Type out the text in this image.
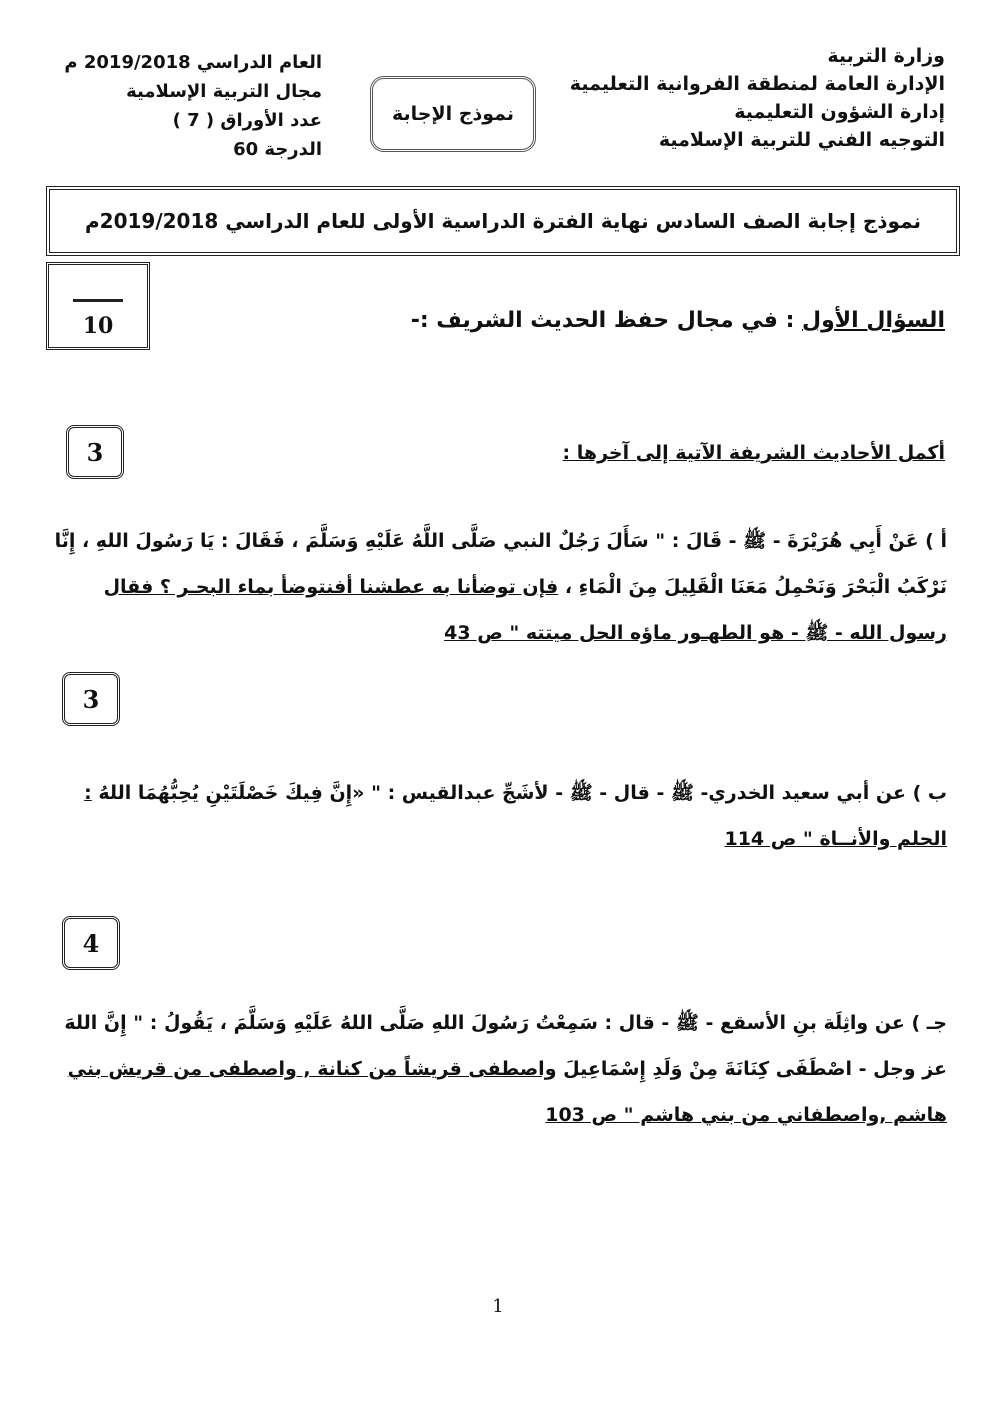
وزارة التربية
الإدارة العامة لمنطقة الفروانية التعليمية
إدارة الشؤون التعليمية
التوجيه الفني للتربية الإسلامية
نموذج الإجابة
العام الدراسي 2019/2018 م
مجال التربية الإسلامية
عدد الأوراق ( 7 )
الدرجة 60
نموذج إجابة الصف السادس نهاية الفترة الدراسية الأولى للعام الدراسي 2019/2018م
10	السؤال الأول : في مجال حفظ الحديث الشريف :-
3	أكمل الأحاديث الشريفة الآتية إلى آخرها :
أ ) عَنْ أَبِي هُرَيْرَةَ - ﷺ - قَالَ : " سَأَلَ رَجُلٌ النبي صَلَّى اللَّهُ عَلَيْهِ وَسَلَّمَ ، فَقَالَ : يَا رَسُولَ اللهِ ، إِنَّا نَرْكَبُ الْبَحْرَ وَنَحْمِلُ مَعَنَا الْقَلِيلَ مِنَ الْمَاءِ ، فإن توضأنا به عطشنا أفنتوضأ بماء البحـر ؟ فقال رسول الله - ﷺ - هو الطهـور ماؤه الحل ميتته " ص 43
3
ب ) عن أبي سعيد الخدري- ﷺ - قال - ﷺ - لأشَجِّ عبدالقيس : " «إِنَّ فِيكَ خَصْلَتَيْنِ يُحِبُّهُمَا اللهُ : الحلم والأنــاة " ص 114
4
جـ ) عن واثِلَة بنِ الأسقع - ﷺ - قال : سَمِعْتُ رَسُولَ اللهِ صَلَّى اللهُ عَلَيْهِ وَسَلَّمَ ، يَقُولُ : " إِنَّ اللهَ عز وجل - اصْطَفَى كِنَانَةَ مِنْ وَلَدِ إِسْمَاعِيلَ واصطفى قريشاً من كنانة , واصطفى من قريش بني هاشم ,واصطفاني من بني هاشم " ص 103
1
